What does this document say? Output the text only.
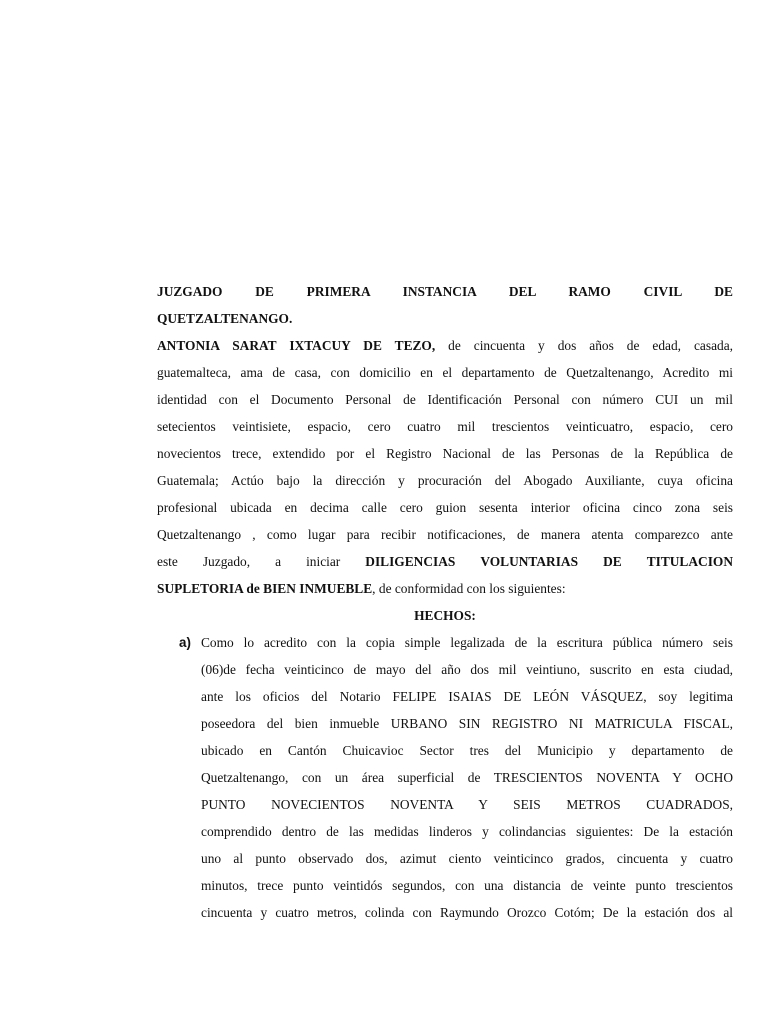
JUZGADO DE PRIMERA INSTANCIA DEL RAMO CIVIL DE
QUETZALTENANGO.
ANTONIA SARAT IXTACUY DE TEZO, de cincuenta y dos años de edad, casada,
guatemalteca, ama de casa, con domicilio en el departamento de Quetzaltenango, Acredito mi
identidad con el Documento Personal de Identificación Personal con número CUI un mil
setecientos veintisiete, espacio, cero cuatro mil trescientos veinticuatro, espacio, cero
novecientos trece, extendido por el Registro Nacional de las Personas de la República de
Guatemala; Actúo bajo la dirección y procuración del Abogado Auxiliante, cuya oficina
profesional ubicada en decima calle cero guion sesenta interior oficina cinco zona seis
Quetzaltenango , como lugar para recibir notificaciones, de manera atenta comparezco ante
este Juzgado, a iniciar DILIGENCIAS VOLUNTARIAS DE TITULACION
SUPLETORIA de BIEN INMUEBLE, de conformidad con los siguientes:
HECHOS:
a) Como lo acredito con la copia simple legalizada de la escritura pública número seis
(06)de fecha veinticinco de mayo del año dos mil veintiuno, suscrito en esta ciudad,
ante los oficios del Notario FELIPE ISAIAS DE LEÓN VÁSQUEZ, soy legitima
poseedora del bien inmueble URBANO SIN REGISTRO NI MATRICULA FISCAL,
ubicado en Cantón Chuicavioc Sector tres del Municipio y departamento de
Quetzaltenango, con un área superficial de TRESCIENTOS NOVENTA Y OCHO
PUNTO NOVECIENTOS NOVENTA Y SEIS METROS CUADRADOS,
comprendido dentro de las medidas linderos y colindancias siguientes: De la estación
uno al punto observado dos, azimut ciento veinticinco grados, cincuenta y cuatro
minutos, trece punto veintidós segundos, con una distancia de veinte punto trescientos
cincuenta y cuatro metros, colinda con Raymundo Orozco Cotóm; De la estación dos al
